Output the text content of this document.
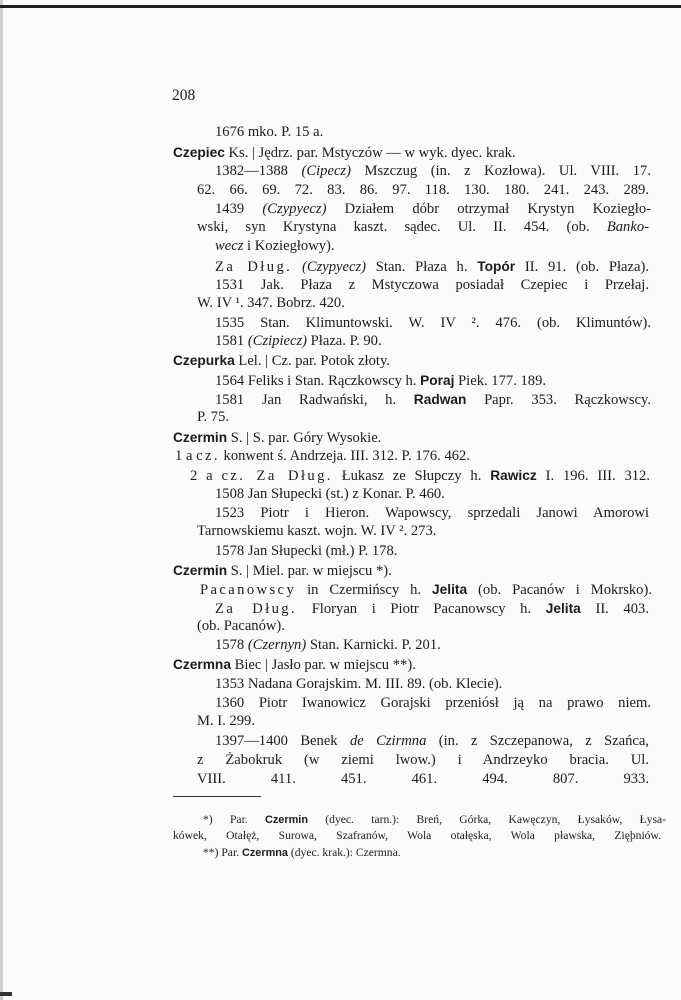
208
1676 mko. P. 15 a.
Czepiec Ks. | Jędrz. par. Mstyczów — w wyk. dyec. krak.
1382—1388 (Cipecz) Mszczug (in. z Kozłowa). Ul. VIII. 17.
62. 66. 69. 72. 83. 86. 97. 118. 130. 180. 241. 243. 289.
1439 (Czypyecz) Działem dóbr otrzymał Krystyn Koziegło-
wski, syn Krystyna kaszt. sądec. Ul. II. 454. (ob. Banko-
wecz i Koziegłowy).
Za Dług. (Czypyecz) Stan. Płaza h. Topór II. 91. (ob. Płaza).
1531 Jak. Płaza z Mstyczowa posiadał Czepiec i Przełaj.
W. IV ¹. 347. Bobrz. 420.
1535 Stan. Klimuntowski. W. IV ². 476. (ob. Klimuntów).
1581 (Czipiecz) Płaza. P. 90.
Czepurka Lel. | Cz. par. Potok złoty.
1564 Feliks i Stan. Rączkowscy h. Poraj Piek. 177. 189.
1581 Jan Radwański, h. Radwan Papr. 353. Rączkowscy.
P. 75.
Czermin S. | S. par. Góry Wysokie.
1 a cz. konwent ś. Andrzeja. III. 312. P. 176. 462.
2 a cz. Za Dług. Łukasz ze Słupczy h. Rawicz I. 196. III. 312.
1508 Jan Słupecki (st.) z Konar. P. 460.
1523 Piotr i Hieron. Wapowscy, sprzedali Janowi Amorowi
Tarnowskiemu kaszt. wojn. W. IV ². 273.
1578 Jan Słupecki (mł.) P. 178.
Czermin S. | Miel. par. w miejscu *).
Pacanowscy in Czermińscy h. Jelita (ob. Pacanów i Mokrsko).
Za Dług. Floryan i Piotr Pacanowscy h. Jelita II. 403.
(ob. Pacanów).
1578 (Czernyn) Stan. Karnicki. P. 201.
Czermna Biec | Jasło par. w miejscu **).
1353 Nadana Gorajskim. M. III. 89. (ob. Klecie).
1360 Piotr Iwanowicz Gorajski przeniósł ją na prawo niem.
M. I. 299.
1397—1400 Benek de Czirmna (in. z Szczepanowa, z Szańca,
z Żabokruk (w ziemi lwow.) i Andrzeyko bracia. Ul.
VIII. 411. 451. 461. 494. 807. 933.
*) Par. Czermin (dyec. tarn.): Breń, Górka, Kawęczyn, Łysaków, Łysa-
kówek, Otałęż, Surowa, Szafranów, Wola otałęska, Wola pławska, Zięþniów.
**) Par. Czermna (dyec. krak.): Czermna.
